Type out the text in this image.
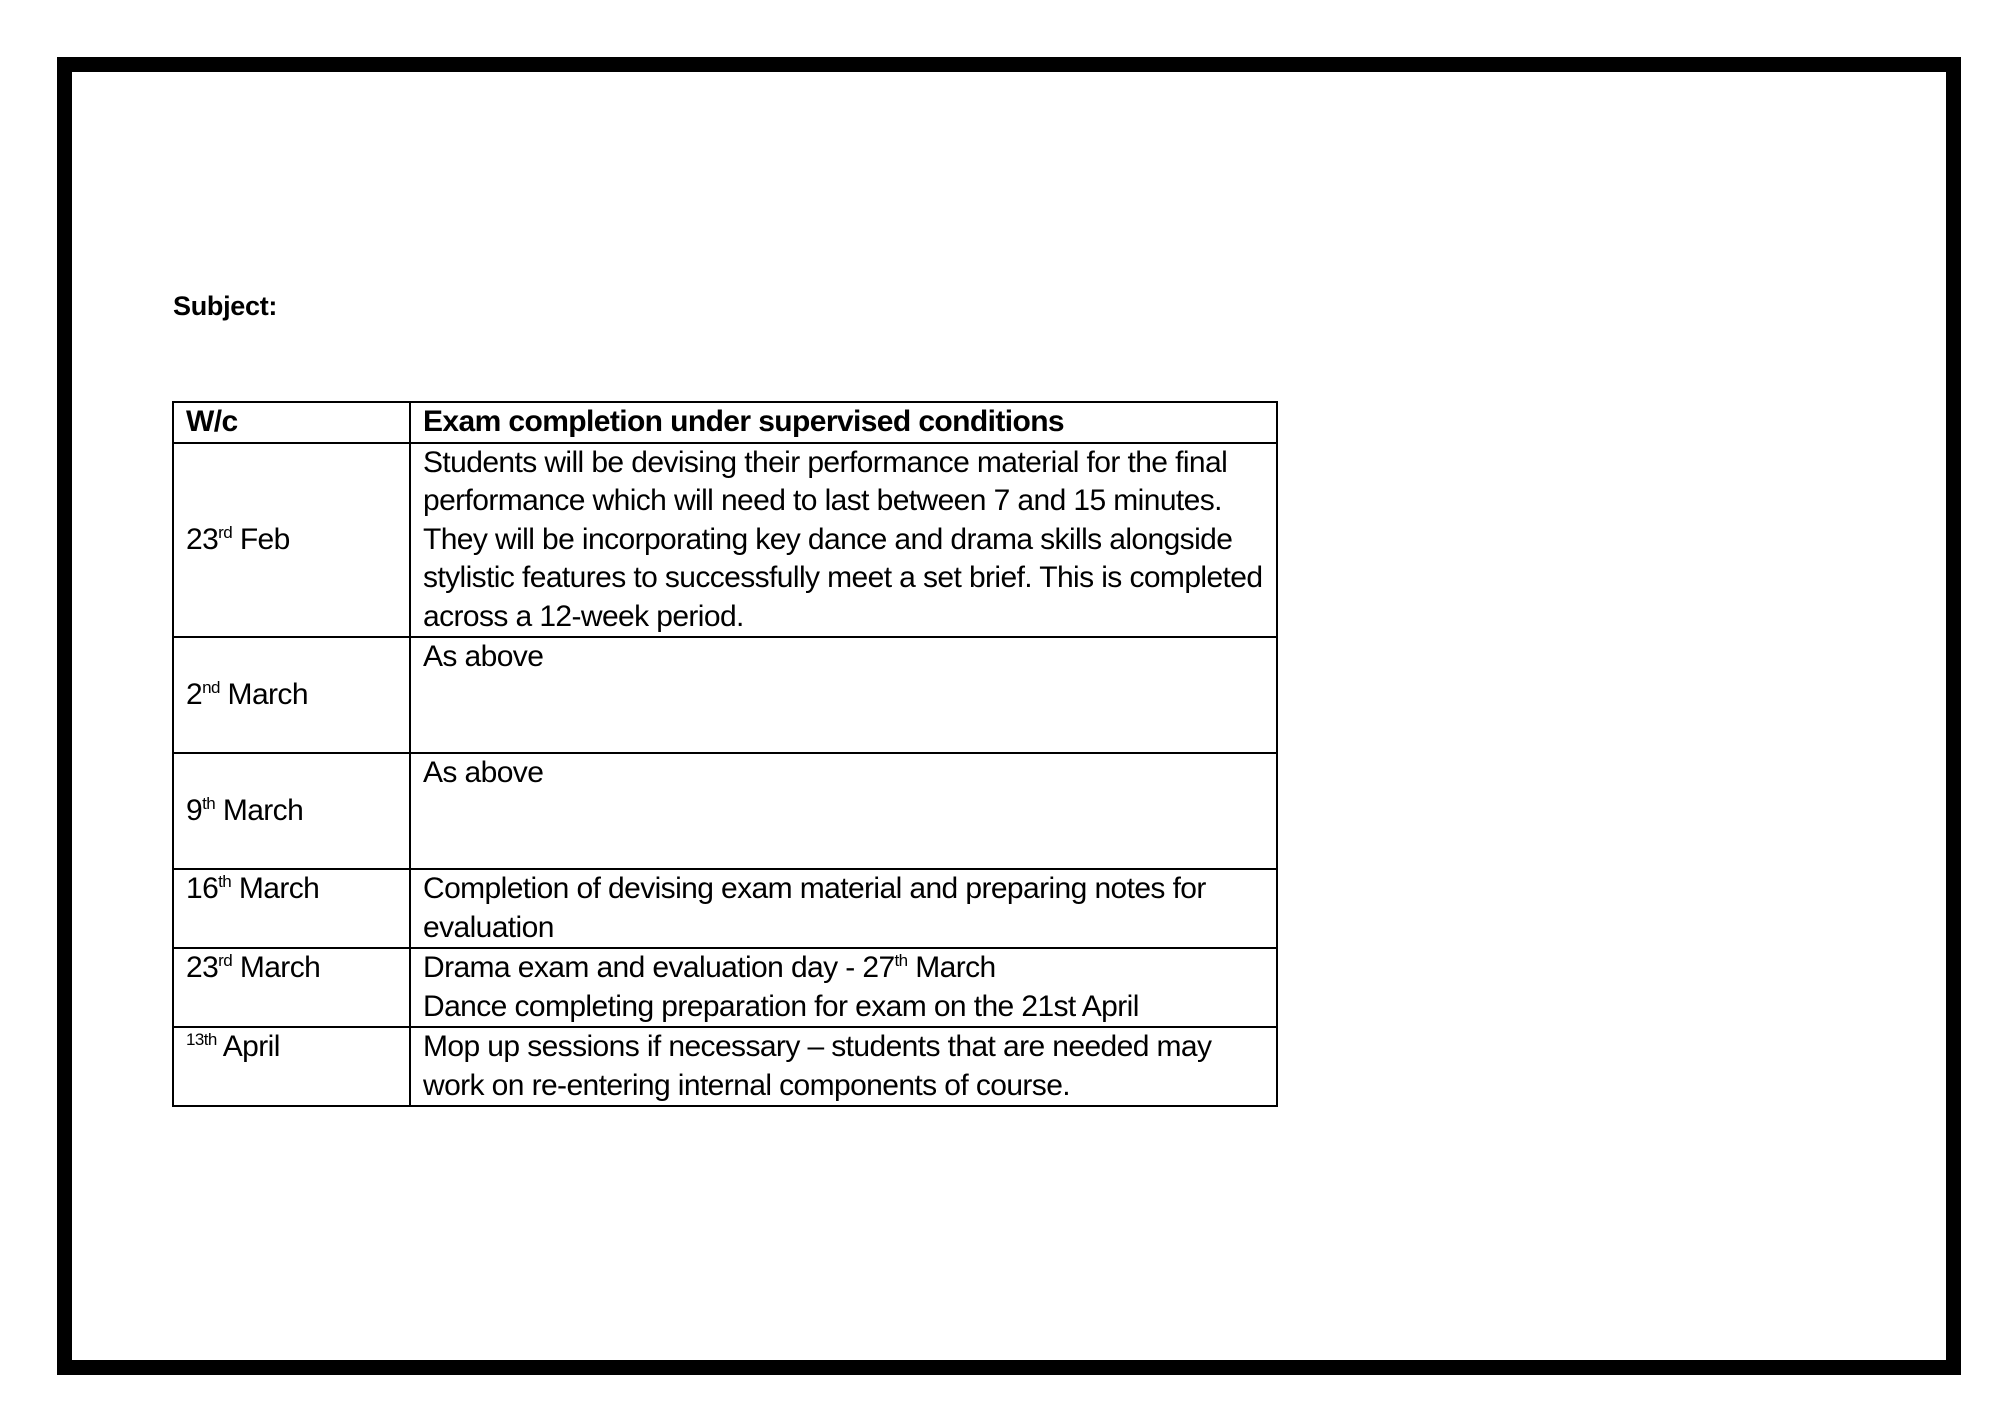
Subject:

W/c	Exam completion under supervised conditions
23rd Feb	Students will be devising their performance material for the final performance which will need to last between 7 and 15 minutes. They will be incorporating key dance and drama skills alongside stylistic features to successfully meet a set brief. This is completed across a 12-week period.
2nd March	As above
9th March	As above
16th March	Completion of devising exam material and preparing notes for evaluation
23rd March	Drama exam and evaluation day - 27th March
Dance completing preparation for exam on the 21st April

$^{13th}$ April	Mop up sessions if necessary – students that are needed may work on re-entering internal components of course.
